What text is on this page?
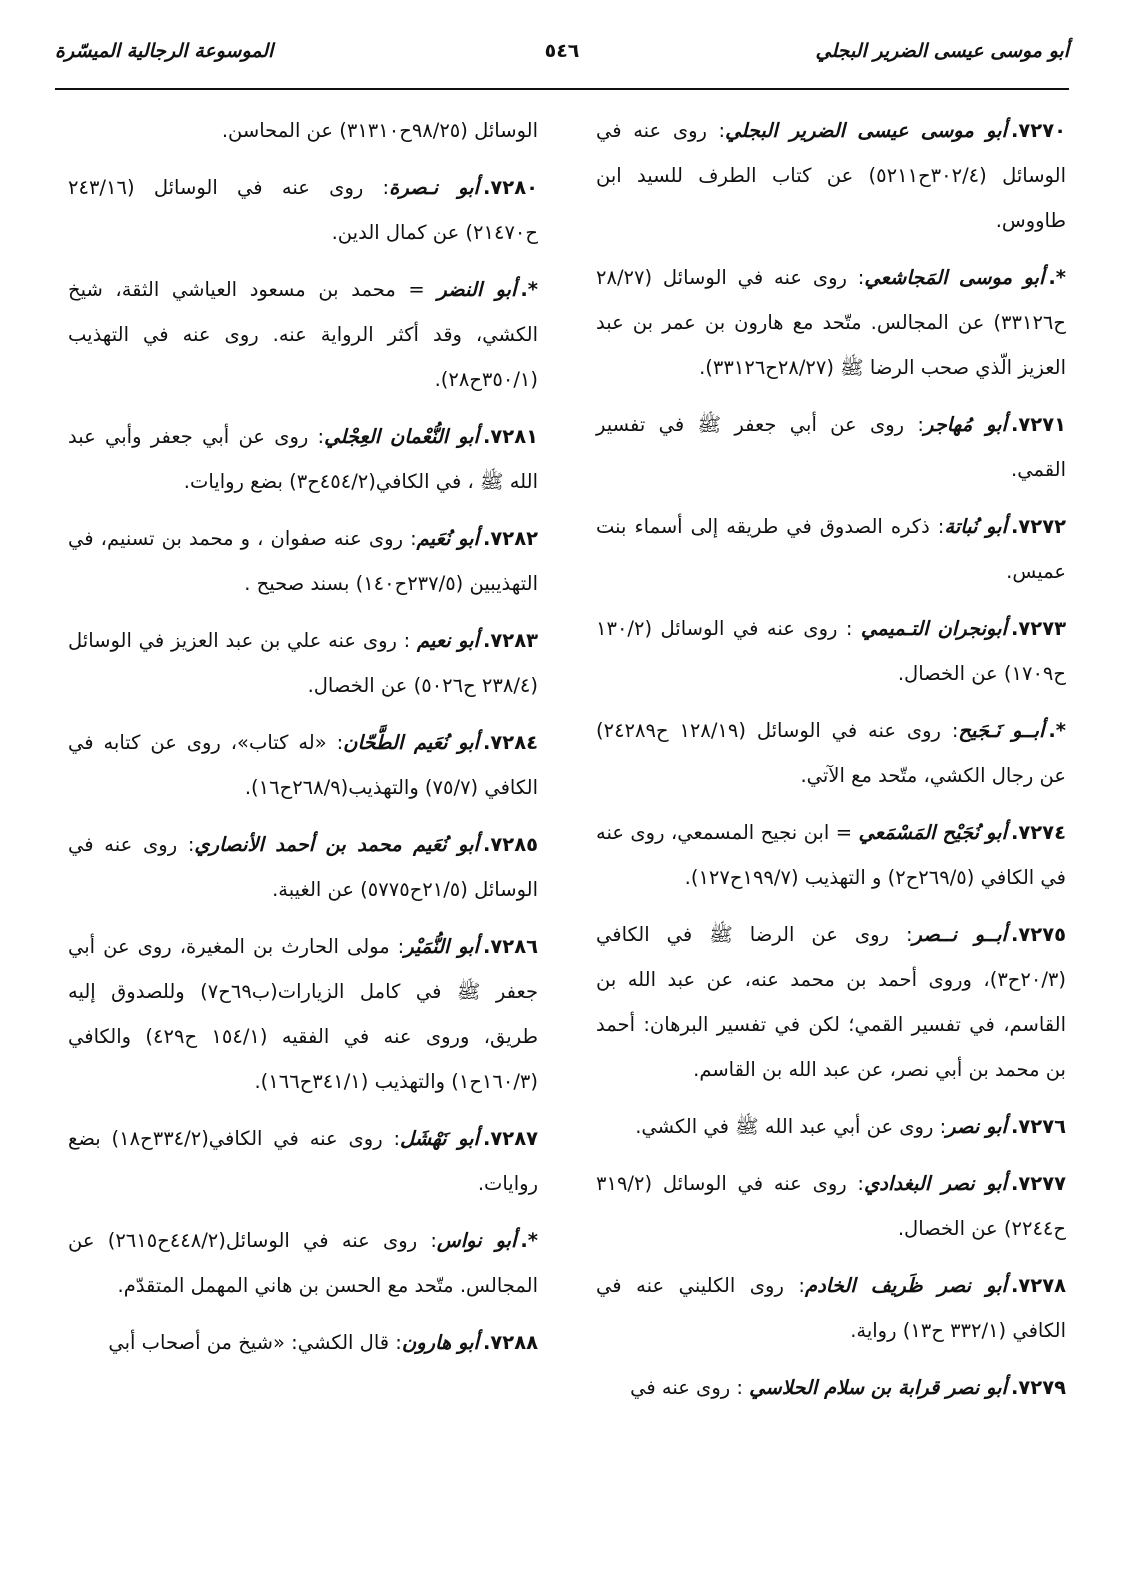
أبو موسى عيسى الضرير البجلي
٥٤٦
الموسوعة الرجالية الميسّرة

٧٢٧٠.أبو موسى عيسى الضرير البجلي: روى عنه في الوسائل (٣٠٢/٤ح٥٢١١) عن كتاب الطرف للسيد ابن طاووس.

*.أبو موسى المَجاشعي: روى عنه في الوسائل (٢٨/٢٧ ح٣٣١٢٦) عن المجالس. متّحد مع هارون بن عمر بن عبد العزيز الّذي صحب الرضا ﷺ (٢٨/٢٧ح٣٣١٢٦).

٧٢٧١.أبو مُهاجر: روى عن أبي جعفر ﷺ في تفسير القمي.

٧٢٧٢.أبو نُباتة: ذكره الصدوق في طريقه إلى أسماء بنت عميس.

٧٢٧٣.أبونجران التـميمي : روى عنه في الوسائل (١٣٠/٢ ح١٧٠٩) عن الخصال.

*.أبــو نَـجَيح: روى عنه في الوسائل (١٢٨/١٩ ح٢٤٢٨٩) عن رجال الكشي، متّحد مع الآتي.

٧٢٧٤.أبو نُجَيْح المَسْمَعي = ابن نجيح المسمعي، روى عنه في الكافي (٢٦٩/٥ح٢) و التهذيب (١٩٩/٧ح١٢٧).

٧٢٧٥.أبــو نــصر: روى عن الرضا ﷺ في الكافي (٢٠/٣ح٣)، وروى أحمد بن محمد عنه، عن عبد الله بن القاسم، في تفسير القمي؛ لكن في تفسير البرهان: أحمد بن محمد بن أبي نصر، عن عبد الله بن القاسم.

٧٢٧٦.أبو نصر: روى عن أبي عبد الله ﷺ في الكشي.

٧٢٧٧.أبو نصر البغدادي: روى عنه في الوسائل (٣١٩/٢ ح٢٢٤٤) عن الخصال.

٧٢٧٨.أبو نصر ظَريف الخادم: روى الكليني عنه في الكافي (٣٣٢/١ ح١٣) رواية.

٧٢٧٩.أبو نصر قرابة بن سلام الحلاسي : روى عنه في

الوسائل (٩٨/٢٥ح٣١٣١٠) عن المحاسن.

٧٢٨٠.أبو نـصرة: روى عنه في الوسائل (٢٤٣/١٦ ح٢١٤٧٠) عن كمال الدين.

*.أبو النضر = محمد بن مسعود العياشي الثقة، شيخ الكشي، وقد أكثر الرواية عنه. روى عنه في التهذيب (٣٥٠/١ح٢٨).

٧٢٨١.أبو النُّعْمان العِجْلي: روى عن أبي جعفر وأبي عبد الله ﷺ ، في الكافي(٤٥٤/٢ح٣) بضع روايات.

٧٢٨٢.أبو نُعَيم: روى عنه صفوان ، و محمد بن تسنيم، في التهذيبين (٢٣٧/٥ح١٤٠) بسند صحيح .

٧٢٨٣.أبو نعيم : روى عنه علي بن عبد العزيز في الوسائل (٢٣٨/٤ ح٥٠٢٦) عن الخصال.

٧٢٨٤.أبو نُعَيم الطَّحّان: «له كتاب»، روى عن كتابه في الكافي (٧٥/٧) والتهذيب(٢٦٨/٩ح١٦).

٧٢٨٥.أبو نُعَيم محمد بن أحمد الأنصاري: روى عنه في الوسائل (٢١/٥ح٥٧٧٥) عن الغيبة.

٧٢٨٦.أبو النُّمَيْر: مولى الحارث بن المغيرة، روى عن أبي جعفر ﷺ في كامل الزيارات(ب٦٩ح٧) وللصدوق إليه طريق، وروى عنه في الفقيه (١٥٤/١ ح٤٢٩) والكافي (١٦٠/٣ح١) والتهذيب (٣٤١/١ح١٦٦).

٧٢٨٧.أبو نَهْشَل: روى عنه في الكافي(٣٣٤/٢ح١٨) بضع روايات.

*.أبو نواس: روى عنه في الوسائل(٤٤٨/٢ح٢٦١٥) عن المجالس. متّحد مع الحسن بن هاني المهمل المتقدّم.

٧٢٨٨.أبو هارون: قال الكشي: «شيخ من أصحاب أبي
